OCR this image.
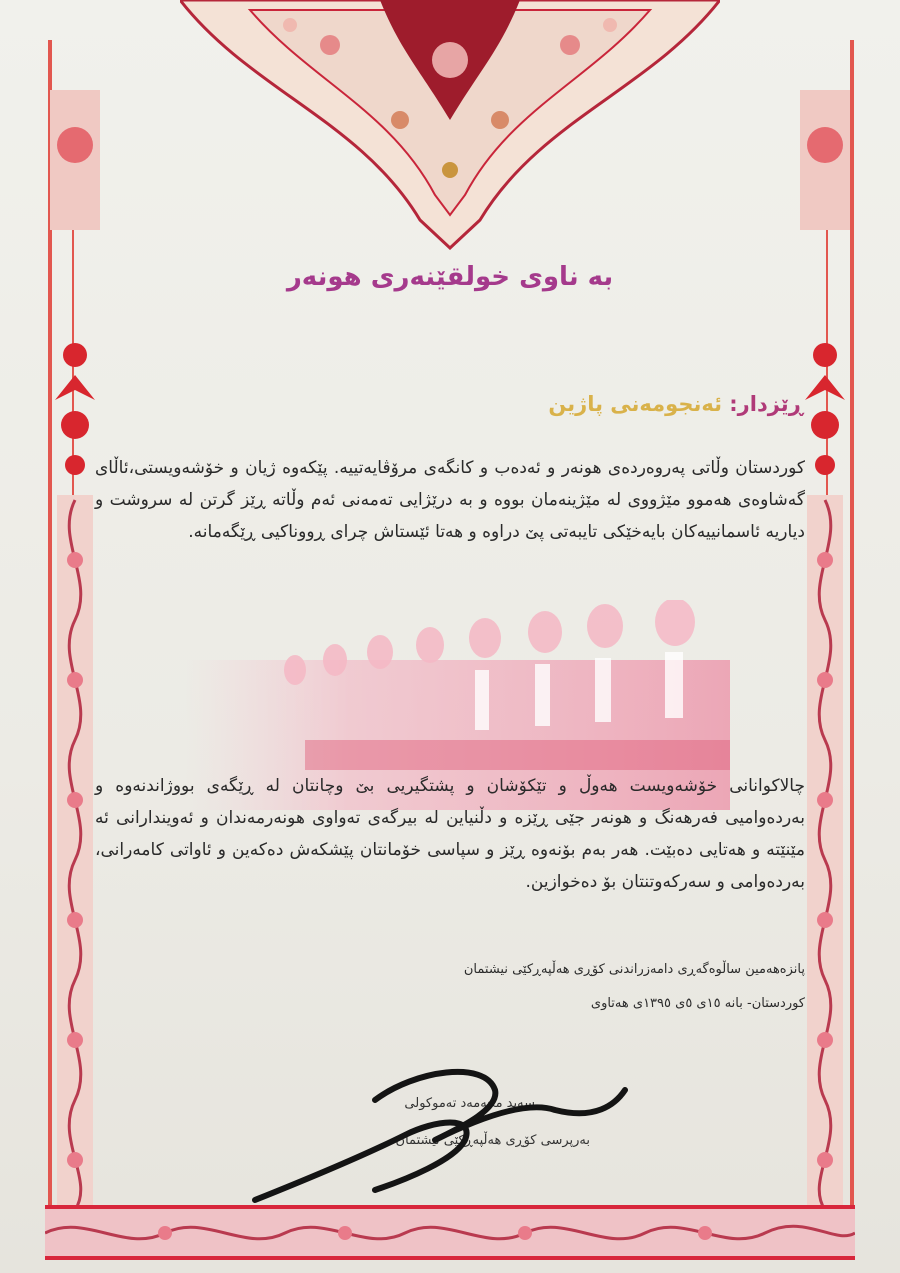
بە ناوی خولقێنەری هونەر
ڕێزدار: ئەنجومەنی پاژین
کوردستان وڵاتی پەروەردەی هونەر و ئەدەب و کانگەی مرۆڤایەتییە. پێکەوە ژیان و خۆشەویستی،ئاڵای گەشاوەی هەموو مێژووی لە مێژینەمان بووە و بە درێژایی تەمەنی ئەم وڵاتە ڕێز گرتن لە سروشت و دیاریە ئاسمانییەکان بایەخێکی تایبەتی پێ دراوە و هەتا ئێستاش چرای ڕووناکیی ڕێگەمانە.
چالاکوانانی خۆشەویست هەوڵ و تێکۆشان و پشتگیریی بێ وچانتان لە ڕێگەی بووژاندنەوە و بەردەوامیی فەرهەنگ و هونەر جێی ڕێزە و دڵنیاین لە بیرگەی تەواوی هونەرمەندان و ئەویندارانی ئە مێنێتە و هەتایی دەبێت. هەر بەم بۆنەوە ڕێز و سپاسی خۆمانتان پێشکەش دەکەین و ئاواتی کامەرانی، بەردەوامی و سەرکەوتنتان بۆ دەخوازین.
پانزەهەمین ساڵوەگەڕی دامەزراندنی کۆڕی هەڵپەڕکێی نیشتمان
کوردستان- بانە ١٥ی ٥ی ١٣٩٥ی هەتاوی
سەید محەمەد تەموکولی
بەرپرسی کۆڕی هەڵپەڕکێی نیشتمان
